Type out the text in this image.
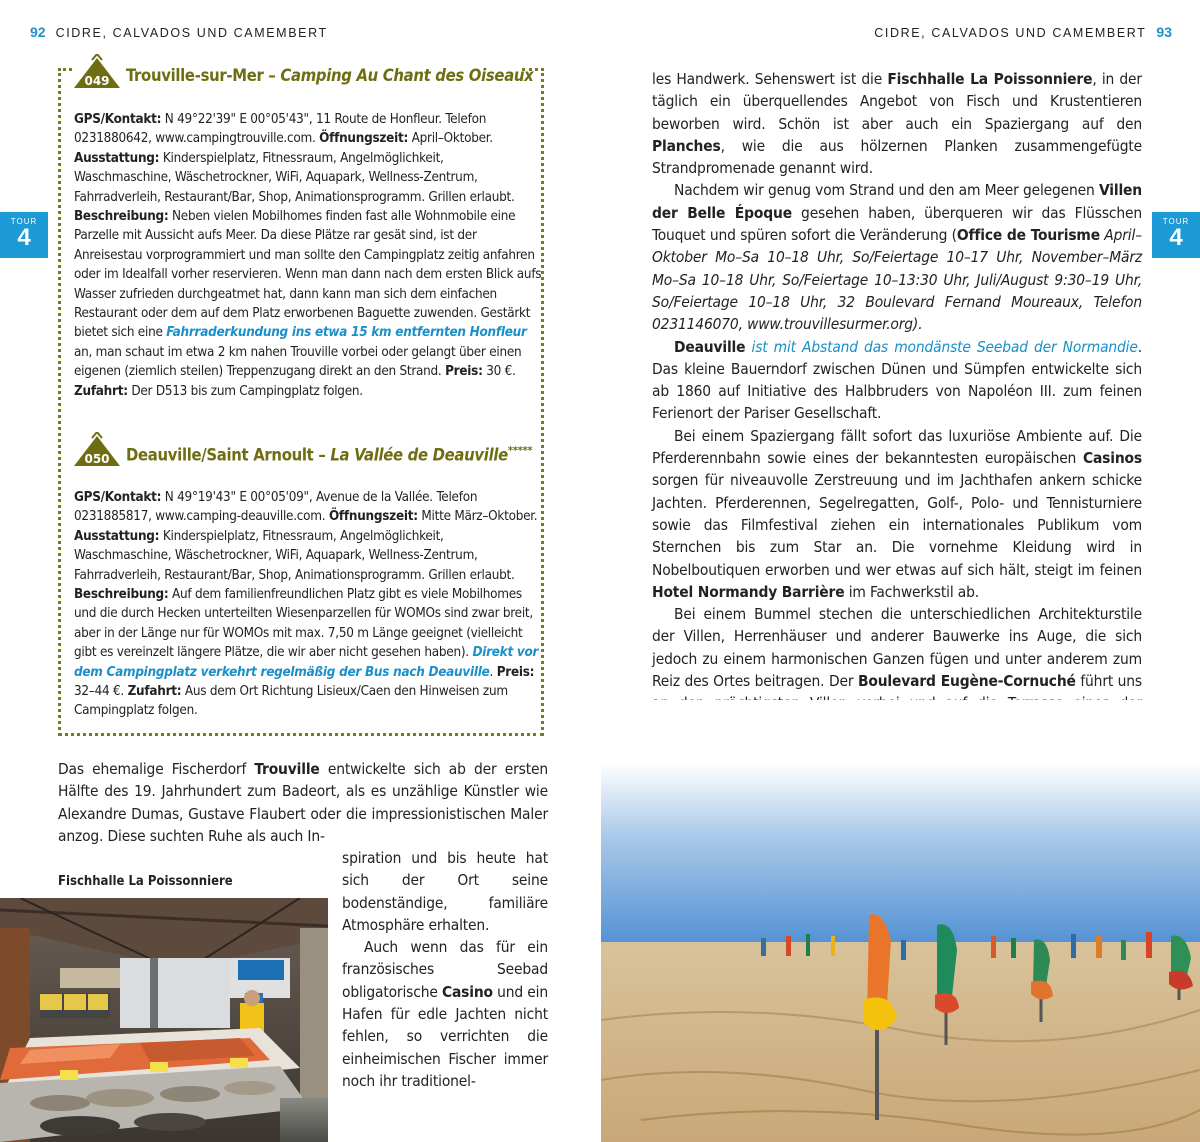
92 CIDRE, CALVADOS UND CAMEMBERT	CIDRE, CALVADOS UND CAMEMBERT 93
TOUR
4
TOUR
4
049 Trouville-sur-Mer – Camping Au Chant des Oiseaux
GPS/Kontakt: N 49°22'39" E 00°05'43", 11 Route de Honfleur. Telefon 0231880642, www.campingtrouville.com. Öffnungszeit: April–Oktober. Ausstattung: Kinderspielplatz, Fitnessraum, Angelmöglichkeit, Waschmaschine, Wäschetrockner, WiFi, Aquapark, Wellness-Zentrum, Fahrradverleih, Restaurant/Bar, Shop, Animationsprogramm. Grillen erlaubt. Beschreibung: Neben vielen Mobilhomes finden fast alle Wohnmobile eine Parzelle mit Aussicht aufs Meer. Da diese Plätze rar gesät sind, ist der Anreisestau vorprogrammiert und man sollte den Campingplatz zeitig anfahren oder im Idealfall vorher reservieren. Wenn man dann nach dem ersten Blick aufs Wasser zufrieden durchgeatmet hat, dann kann man sich dem einfachen Restaurant oder dem auf dem Platz erworbenen Baguette zuwenden. Gestärkt bietet sich eine Fahrraderkundung ins etwa 15 km entfernten Honfleur an, man schaut im etwa 2 km nahen Trouville vorbei oder gelangt über einen eigenen (ziemlich steilen) Treppenzugang direkt an den Strand. Preis: 30 €. Zufahrt: Der D513 bis zum Campingplatz folgen.
050 Deauville/Saint Arnoult – La Vallée de Deauville*****
GPS/Kontakt: N 49°19'43" E 00°05'09", Avenue de la Vallée. Telefon 0231885817, www.camping-deauville.com. Öffnungszeit: Mitte März–Oktober. Ausstattung: Kinderspielplatz, Fitnessraum, Angelmöglichkeit, Waschmaschine, Wäschetrockner, WiFi, Aquapark, Wellness-Zentrum, Fahrradverleih, Restaurant/Bar, Shop, Animationsprogramm. Grillen erlaubt. Beschreibung: Auf dem familienfreundlichen Platz gibt es viele Mobilhomes und die durch Hecken unterteilten Wiesenparzellen für WOMOs sind zwar breit, aber in der Länge nur für WOMOs mit max. 7,50 m Länge geeignet (vielleicht gibt es vereinzelt längere Plätze, die wir aber nicht gesehen haben). Direkt vor dem Campingplatz verkehrt regelmäßig der Bus nach Deauville. Preis: 32–44 €. Zufahrt: Aus dem Ort Richtung Lisieux/Caen den Hinweisen zum Campingplatz folgen.
Das ehemalige Fischerdorf Trouville entwickelte sich ab der ersten Hälfte des 19. Jahrhundert zum Badeort, als es unzählige Künstler wie Alexandre Dumas, Gustave Flaubert oder die impressionistischen Maler anzog. Diese suchten Ruhe als auch In-

spiration und bis heute hat sich der Ort seine bodenständige, familiäre Atmosphäre erhalten.

Auch wenn das für ein französisches Seebad obligatorische Casino und ein Hafen für edle Jachten nicht fehlen, so verrichten die einheimischen Fischer immer noch ihr traditionel-

Fischhalle La Poissonniere

les Handwerk. Sehenswert ist die Fischhalle La Poissonniere, in der täglich ein überquellendes Angebot von Fisch und Krustentieren beworben wird. Schön ist aber auch ein Spaziergang auf den Planches, wie die aus hölzernen Planken zusammengefügte Strandpromenade genannt wird.

Nachdem wir genug vom Strand und den am Meer gelegenen Villen der Belle Époque gesehen haben, überqueren wir das Flüsschen Touquet und spüren sofort die Veränderung (Office de Tourisme April–Oktober Mo–Sa 10–18 Uhr, So/Feiertage 10–17 Uhr, November–März Mo–Sa 10–18 Uhr, So/Feiertage 10–13:30 Uhr, Juli/August 9:30–19 Uhr, So/Feiertage 10–18 Uhr, 32 Boulevard Fernand Moureaux, Telefon 0231146070, www.trouvillesurmer.org).

Deauville ist mit Abstand das mondänste Seebad der Normandie. Das kleine Bauerndorf zwischen Dünen und Sümpfen entwickelte sich ab 1860 auf Initiative des Halbbruders von Napoléon III. zum feinen Ferienort der Pariser Gesellschaft.

Bei einem Spaziergang fällt sofort das luxuriöse Ambiente auf. Die Pferderennbahn sowie eines der bekanntesten europäischen Casinos sorgen für niveauvolle Zerstreuung und im Jachthafen ankern schicke Jachten. Pferderennen, Segelregatten, Golf-, Polo- und Tennisturniere sowie das Filmfestival ziehen ein internationales Publikum vom Sternchen bis zum Star an. Die vornehme Kleidung wird in Nobelboutiquen erworben und wer etwas auf sich hält, steigt im feinen Hotel Normandy Barrière im Fachwerkstil ab.

Bei einem Bummel stechen die unterschiedlichen Architekturstile der Villen, Herrenhäuser und anderer Bauwerke ins Auge, die sich jedoch zu einem harmonischen Ganzen fügen und unter anderem zum Reiz des Ortes beitragen. Der Boulevard Eugène-Cornuché führt uns
